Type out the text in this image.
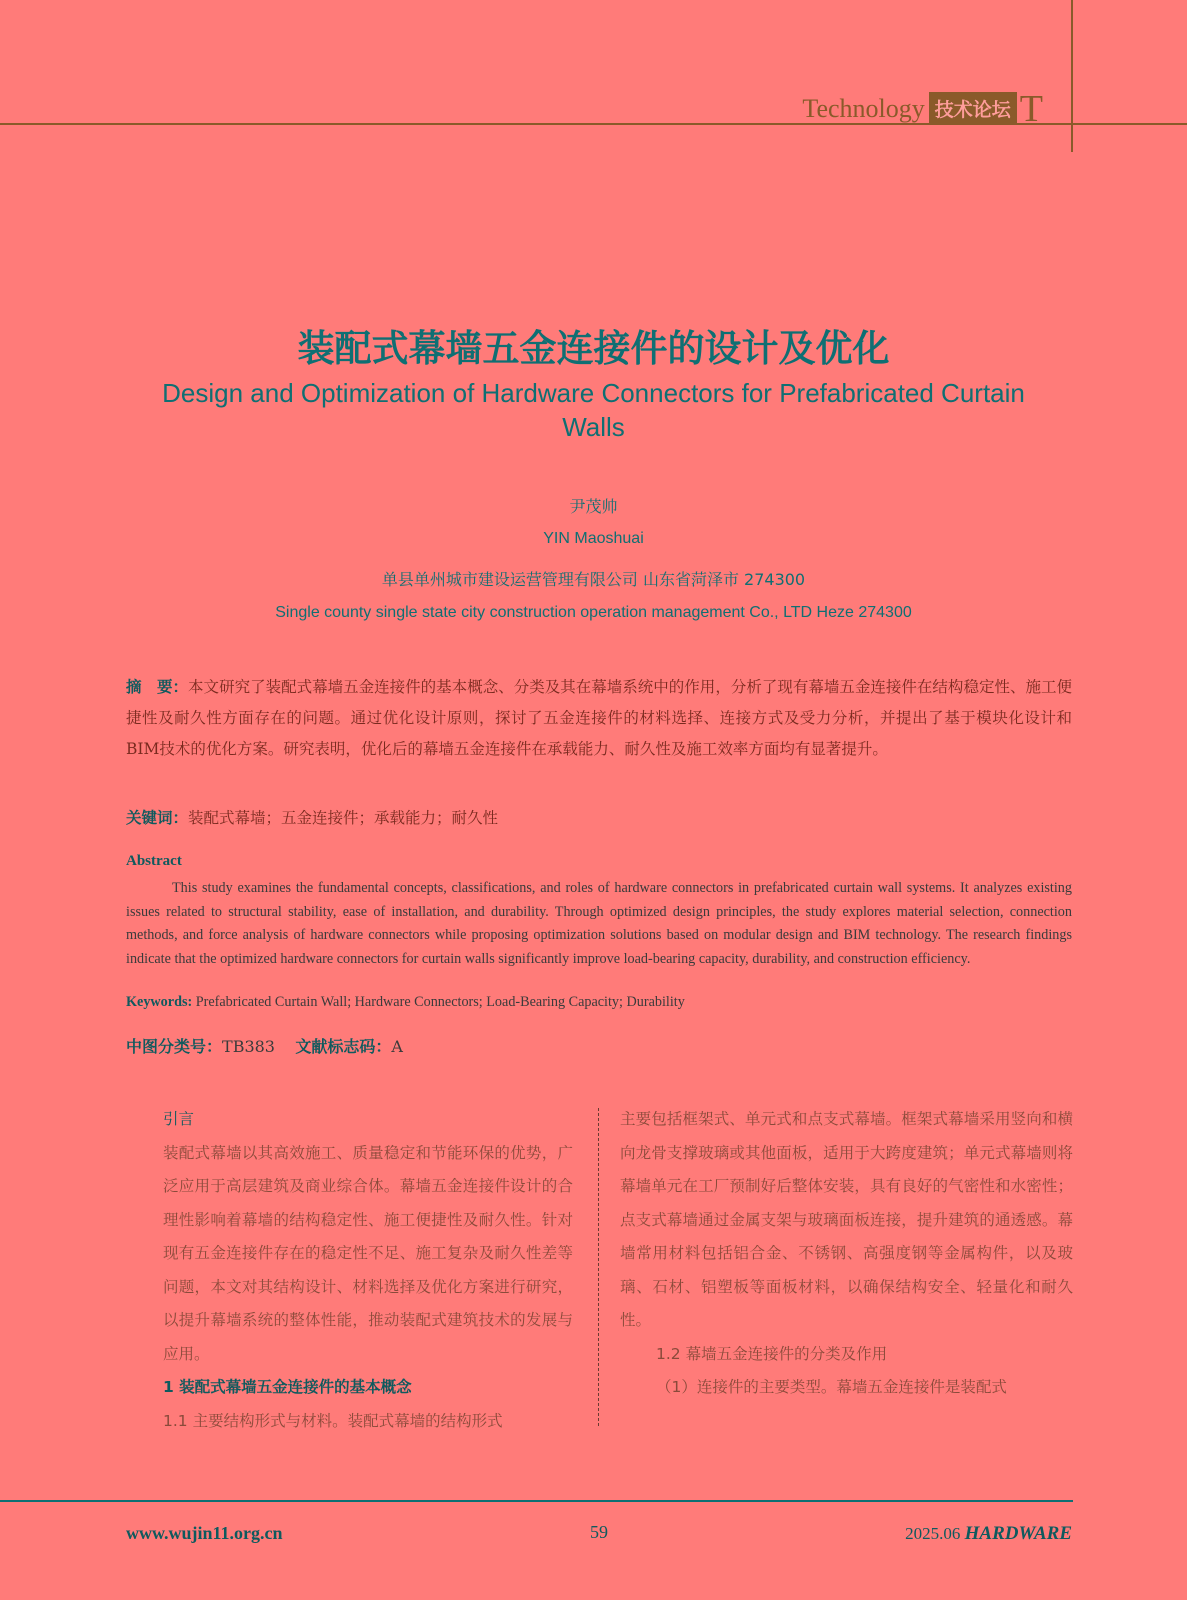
Technology 技术论坛 T
装配式幕墙五金连接件的设计及优化
Design and Optimization of Hardware Connectors for Prefabricated Curtain Walls
尹茂帅
YIN Maoshuai
单县单州城市建设运营管理有限公司 山东省菏泽市 274300
Single county single state city construction operation management Co., LTD Heze 274300
摘　要：本文研究了装配式幕墙五金连接件的基本概念、分类及其在幕墙系统中的作用，分析了现有幕墙五金连接件在结构稳定性、施工便捷性及耐久性方面存在的问题。通过优化设计原则，探讨了五金连接件的材料选择、连接方式及受力分析，并提出了基于模块化设计和BIM技术的优化方案。研究表明，优化后的幕墙五金连接件在承载能力、耐久性及施工效率方面均有显著提升。
关键词：装配式幕墙；五金连接件；承载能力；耐久性
Abstract
This study examines the fundamental concepts, classifications, and roles of hardware connectors in prefabricated curtain wall systems. It analyzes existing issues related to structural stability, ease of installation, and durability. Through optimized design principles, the study explores material selection, connection methods, and force analysis of hardware connectors while proposing optimization solutions based on modular design and BIM technology. The research findings indicate that the optimized hardware connectors for curtain walls significantly improve load-bearing capacity, durability, and construction efficiency.
Keywords: Prefabricated Curtain Wall; Hardware Connectors; Load-Bearing Capacity; Durability
中图分类号：TB383 文献标志码：A

引言

装配式幕墙以其高效施工、质量稳定和节能环保的优势，广泛应用于高层建筑及商业综合体。幕墙五金连接件设计的合理性影响着幕墙的结构稳定性、施工便捷性及耐久性。针对现有五金连接件存在的稳定性不足、施工复杂及耐久性差等问题，本文对其结构设计、材料选择及优化方案进行研究，以提升幕墙系统的整体性能，推动装配式建筑技术的发展与应用。

1 装配式幕墙五金连接件的基本概念

1.1 主要结构形式与材料。装配式幕墙的结构形式

主要包括框架式、单元式和点支式幕墙。框架式幕墙采用竖向和横向龙骨支撑玻璃或其他面板，适用于大跨度建筑；单元式幕墙则将幕墙单元在工厂预制好后整体安装，具有良好的气密性和水密性；点支式幕墙通过金属支架与玻璃面板连接，提升建筑的通透感。幕墙常用材料包括铝合金、不锈钢、高强度钢等金属构件，以及玻璃、石材、铝塑板等面板材料，以确保结构安全、轻量化和耐久性。

1.2 幕墙五金连接件的分类及作用

（1）连接件的主要类型。幕墙五金连接件是装配式

www.wujin11.org.cn	59	2025.06 HARDWARE
